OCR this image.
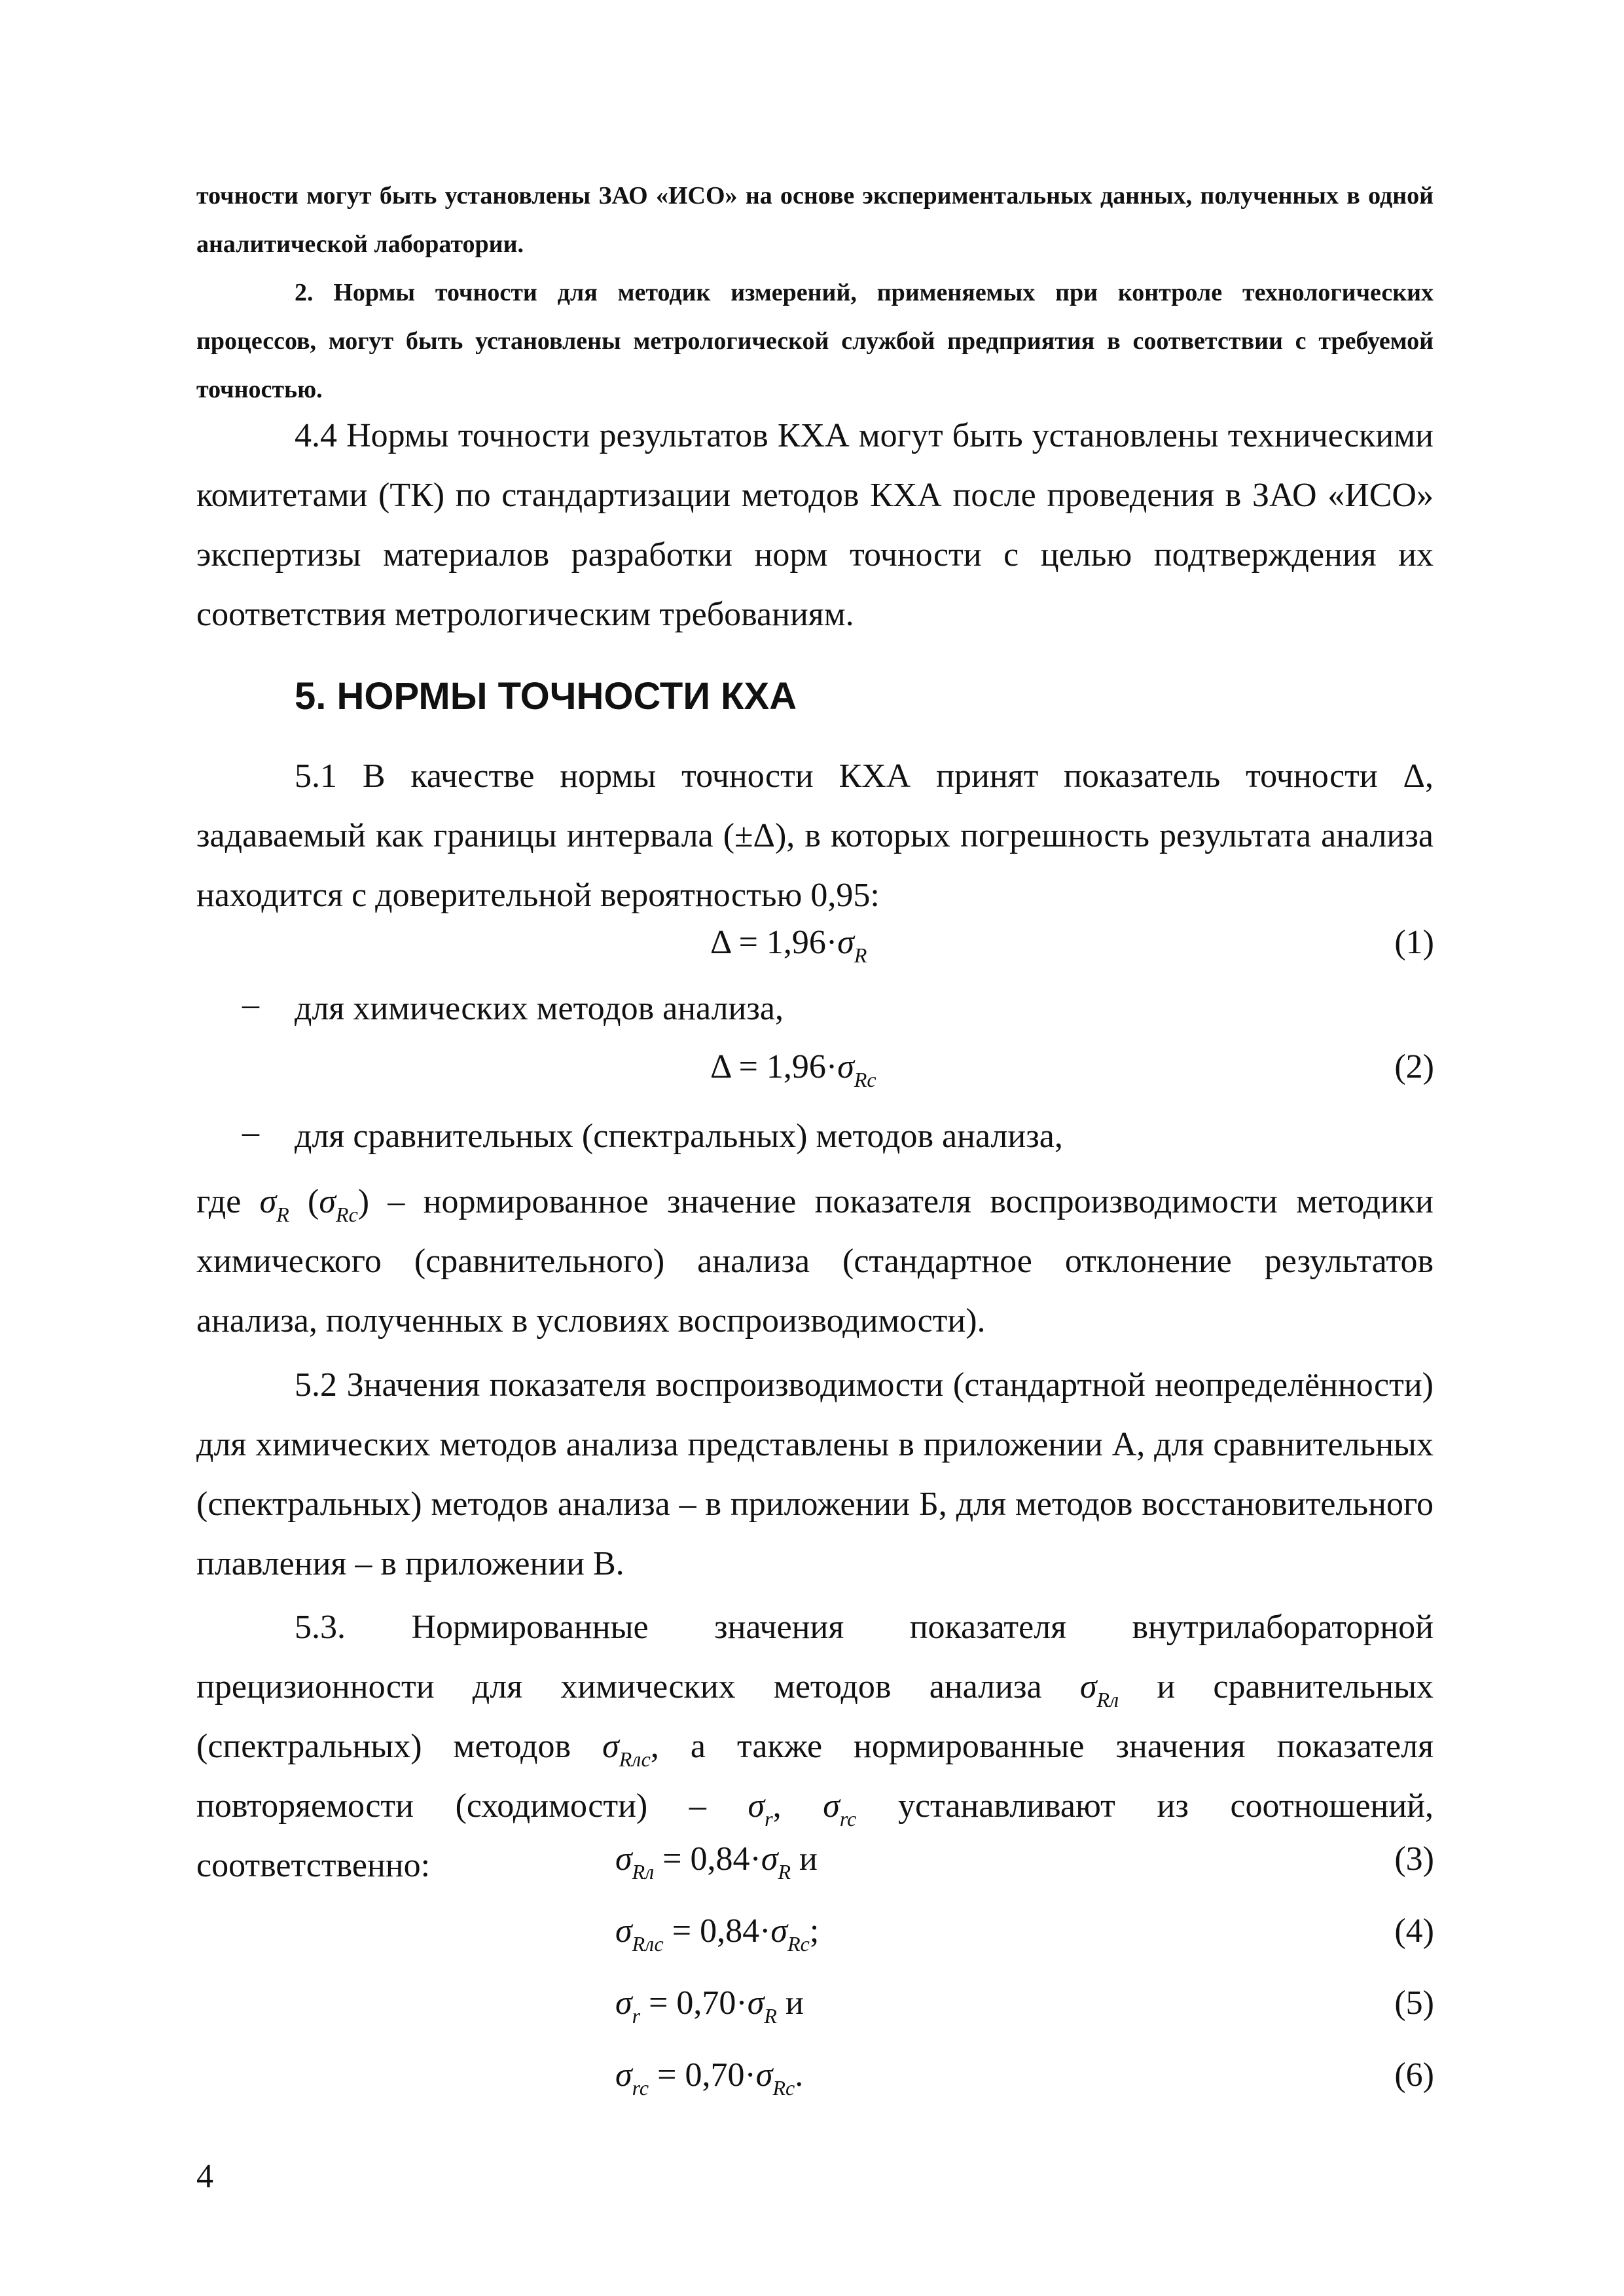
точности могут быть установлены ЗАО «ИСО» на основе экспериментальных данных, полученных в одной аналитической лаборатории.

2. Нормы точности для методик измерений, применяемых при контроле технологических процессов, могут быть установлены метрологической службой предприятия в соответствии с требуемой точностью.

4.4 Нормы точности результатов КХА могут быть установлены техническими комитетами (ТК) по стандартизации методов КХА после проведения в ЗАО «ИСО» экспертизы материалов разработки норм точности с целью подтверждения их соответствия метрологическим требованиям.

5. НОРМЫ ТОЧНОСТИ КХА

5.1 В качестве нормы точности КХА принят показатель точности Δ, задаваемый как границы интервала (±Δ), в которых погрешность результата анализа находится с доверительной вероятностью 0,95:

$\Delta = 1,96\cdot\sigma_R$	(1)
– для химических методов анализа,
$\Delta = 1,96\cdot\sigma_{Rc}$	(2)
– для сравнительных (спектральных) методов анализа,

где $\sigma_R$ $(\sigma_{Rc})$ – нормированное значение показателя воспроизводимости методики химического (сравнительного) анализа (стандартное отклонение результатов анализа, полученных в условиях воспроизводимости).

5.2 Значения показателя воспроизводимости (стандартной неопределённости) для химических методов анализа представлены в приложении А, для сравнительных (спектральных) методов анализа – в приложении Б, для методов восстановительного плавления – в приложении В.

5.3. Нормированные значения показателя внутрилабораторной прецизионности для химических методов анализа $\sigma_{Rл}$ и сравнительных (спектральных) методов $\sigma_{Rлс}$, а также нормированные значения показателя повторяемости (сходимости) – $\sigma_r$, $\sigma_{rc}$ устанавливают из соотношений, соответственно:	$\sigma_{Rл} = 0,84\cdot\sigma_R$ и	(3)
$\sigma_{Rлс} = 0,84\cdot\sigma_{Rc}$;	(4)
$\sigma_r = 0,70\cdot\sigma_R$ и	(5)
$\sigma_{rc} = 0,70\cdot\sigma_{Rc}$.	(6)
4
